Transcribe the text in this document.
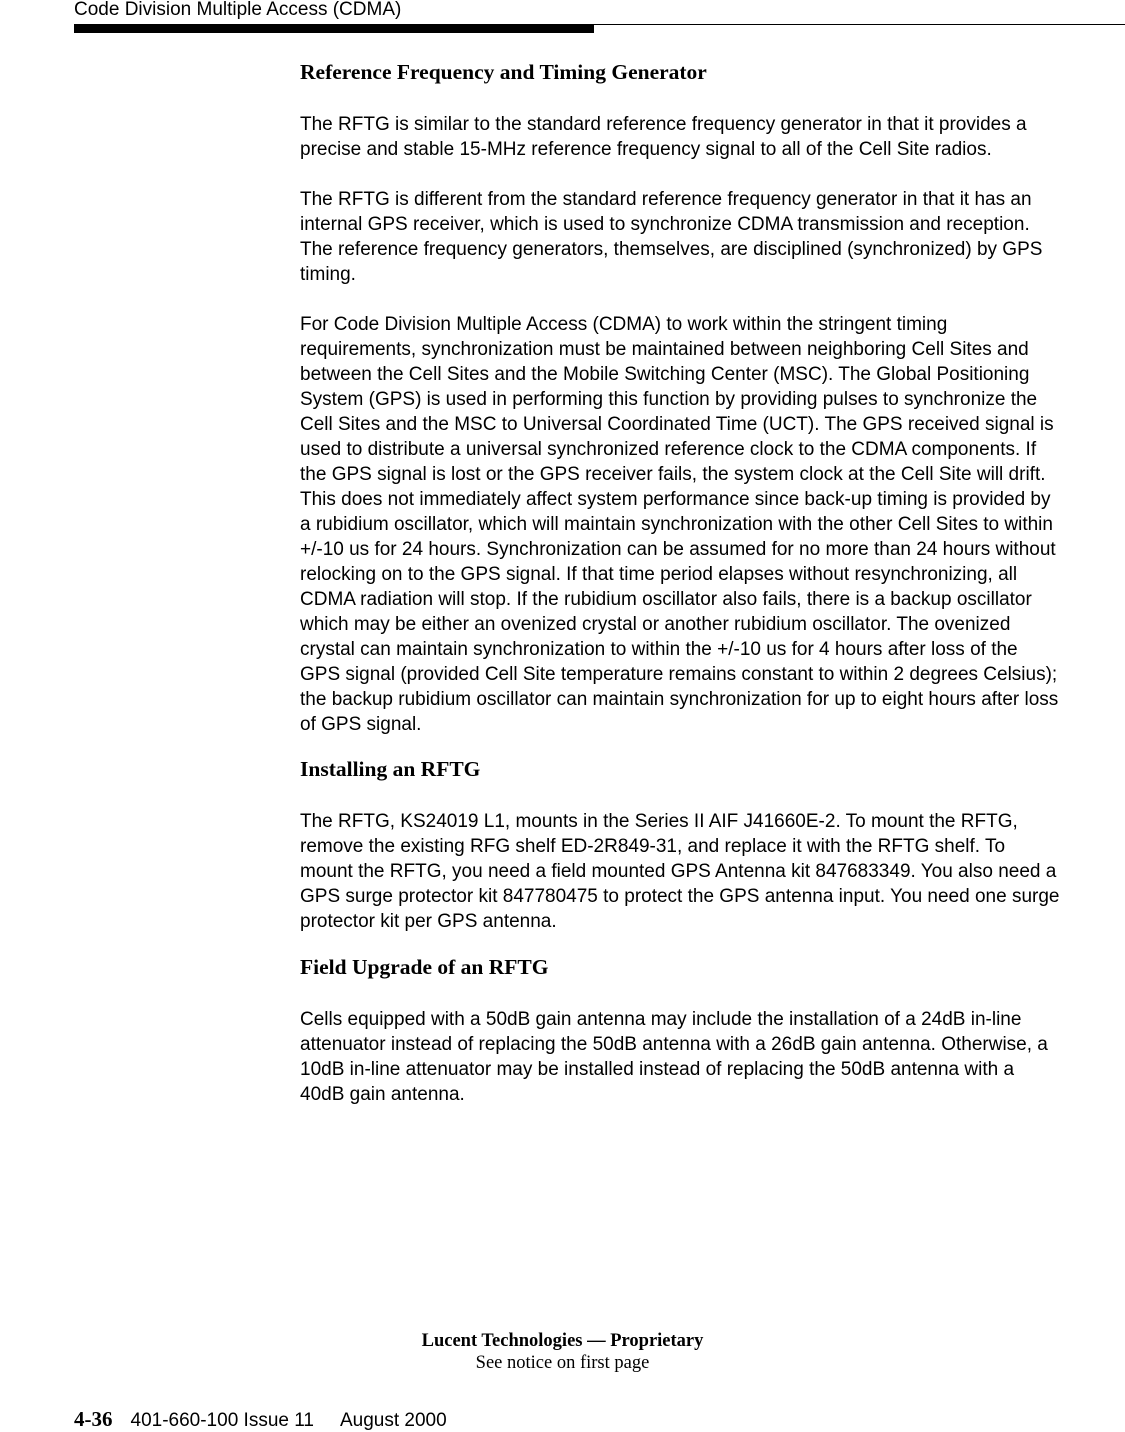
Code Division Multiple Access (CDMA)
Reference Frequency and Timing Generator

The RFTG is similar to the standard reference frequency generator in that it provides a precise and stable 15-MHz reference frequency signal to all of the Cell Site radios.

The RFTG is different from the standard reference frequency generator in that it has an internal GPS receiver, which is used to synchronize CDMA transmission and reception. The reference frequency generators, themselves, are disciplined (synchronized) by GPS timing.

For Code Division Multiple Access (CDMA) to work within the stringent timing requirements, synchronization must be maintained between neighboring Cell Sites and between the Cell Sites and the Mobile Switching Center (MSC). The Global Positioning System (GPS) is used in performing this function by providing pulses to synchronize the Cell Sites and the MSC to Universal Coordinated Time (UCT). The GPS received signal is used to distribute a universal synchronized reference clock to the CDMA components. If the GPS signal is lost or the GPS receiver fails, the system clock at the Cell Site will drift. This does not immediately affect system performance since back-up timing is provided by a rubidium oscillator, which will maintain synchronization with the other Cell Sites to within +/-10 us for 24 hours. Synchronization can be assumed for no more than 24 hours without relocking on to the GPS signal. If that time period elapses without resynchronizing, all CDMA radiation will stop. If the rubidium oscillator also fails, there is a backup oscillator which may be either an ovenized crystal or another rubidium oscillator. The ovenized crystal can maintain synchronization to within the +/-10 us for 4 hours after loss of the GPS signal (provided Cell Site temperature remains constant to within 2 degrees Celsius); the backup rubidium oscillator can maintain synchronization for up to eight hours after loss of GPS signal.

Installing an RFTG

The RFTG, KS24019 L1, mounts in the Series II AIF J41660E-2. To mount the RFTG, remove the existing RFG shelf ED-2R849-31, and replace it with the RFTG shelf. To mount the RFTG, you need a field mounted GPS Antenna kit 847683349. You also need a GPS surge protector kit 847780475 to protect the GPS antenna input. You need one surge protector kit per GPS antenna.

Field Upgrade of an RFTG

Cells equipped with a 50dB gain antenna may include the installation of a 24dB in-line attenuator instead of replacing the 50dB antenna with a 26dB gain antenna. Otherwise, a 10dB in-line attenuator may be installed instead of replacing the 50dB antenna with a 40dB gain antenna.

Lucent Technologies — Proprietary
See notice on first page
4-36 401-660-100 Issue 11 August 2000
